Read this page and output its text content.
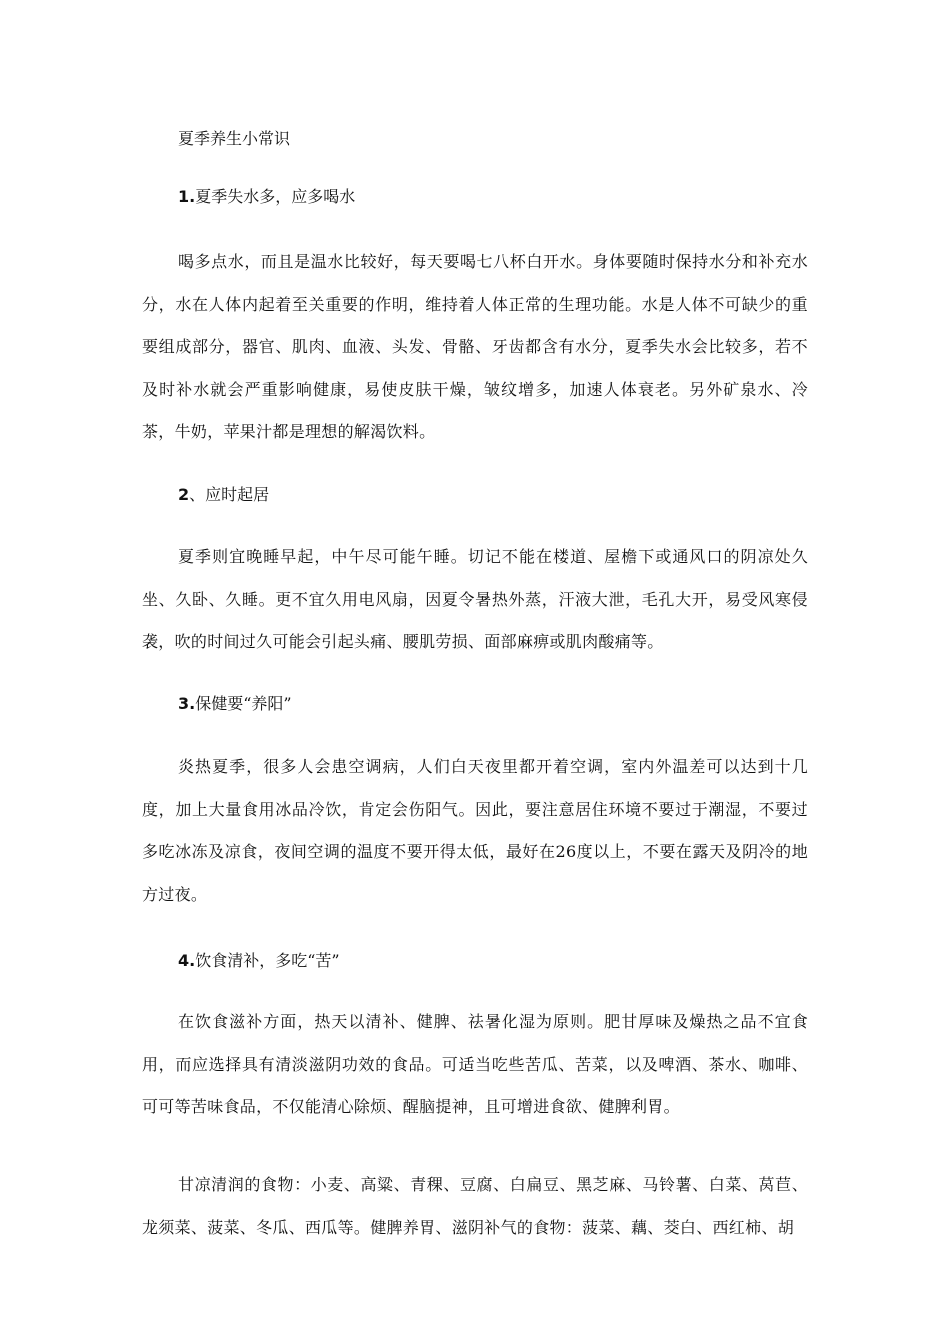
夏季养生小常识
1.夏季失水多，应多喝水
喝多点水，而且是温水比较好，每天要喝七八杯白开水。身体要随时保持水分和补充水分，水在人体内起着至关重要的作明，维持着人体正常的生理功能。水是人体不可缺少的重要组成部分，器官、肌肉、血液、头发、骨骼、牙齿都含有水分，夏季失水会比较多，若不及时补水就会严重影响健康，易使皮肤干燥，皱纹增多，加速人体衰老。另外矿泉水、冷茶，牛奶，苹果汁都是理想的解渴饮料。
2、应时起居
夏季则宜晚睡早起，中午尽可能午睡。切记不能在楼道、屋檐下或通风口的阴凉处久坐、久卧、久睡。更不宜久用电风扇，因夏令暑热外蒸，汗液大泄，毛孔大开，易受风寒侵袭，吹的时间过久可能会引起头痛、腰肌劳损、面部麻痹或肌肉酸痛等。
3.保健要“养阳”
炎热夏季，很多人会患空调病，人们白天夜里都开着空调，室内外温差可以达到十几度，加上大量食用冰品冷饮，肯定会伤阳气。因此，要注意居住环境不要过于潮湿，不要过多吃冰冻及凉食，夜间空调的温度不要开得太低，最好在26度以上，不要在露天及阴冷的地方过夜。
4.饮食清补，多吃“苦”
在饮食滋补方面，热天以清补、健脾、祛暑化湿为原则。肥甘厚味及燥热之品不宜食用，而应选择具有清淡滋阴功效的食品。可适当吃些苦瓜、苦菜，以及啤酒、茶水、咖啡、可可等苦味食品，不仅能清心除烦、醒脑提神，且可增进食欲、健脾利胃。
甘凉清润的食物：小麦、高粱、青稞、豆腐、白扁豆、黑芝麻、马铃薯、白菜、莴苣、龙须菜、菠菜、冬瓜、西瓜等。健脾养胃、滋阴补气的食物：菠菜、藕、茭白、西红柿、胡
